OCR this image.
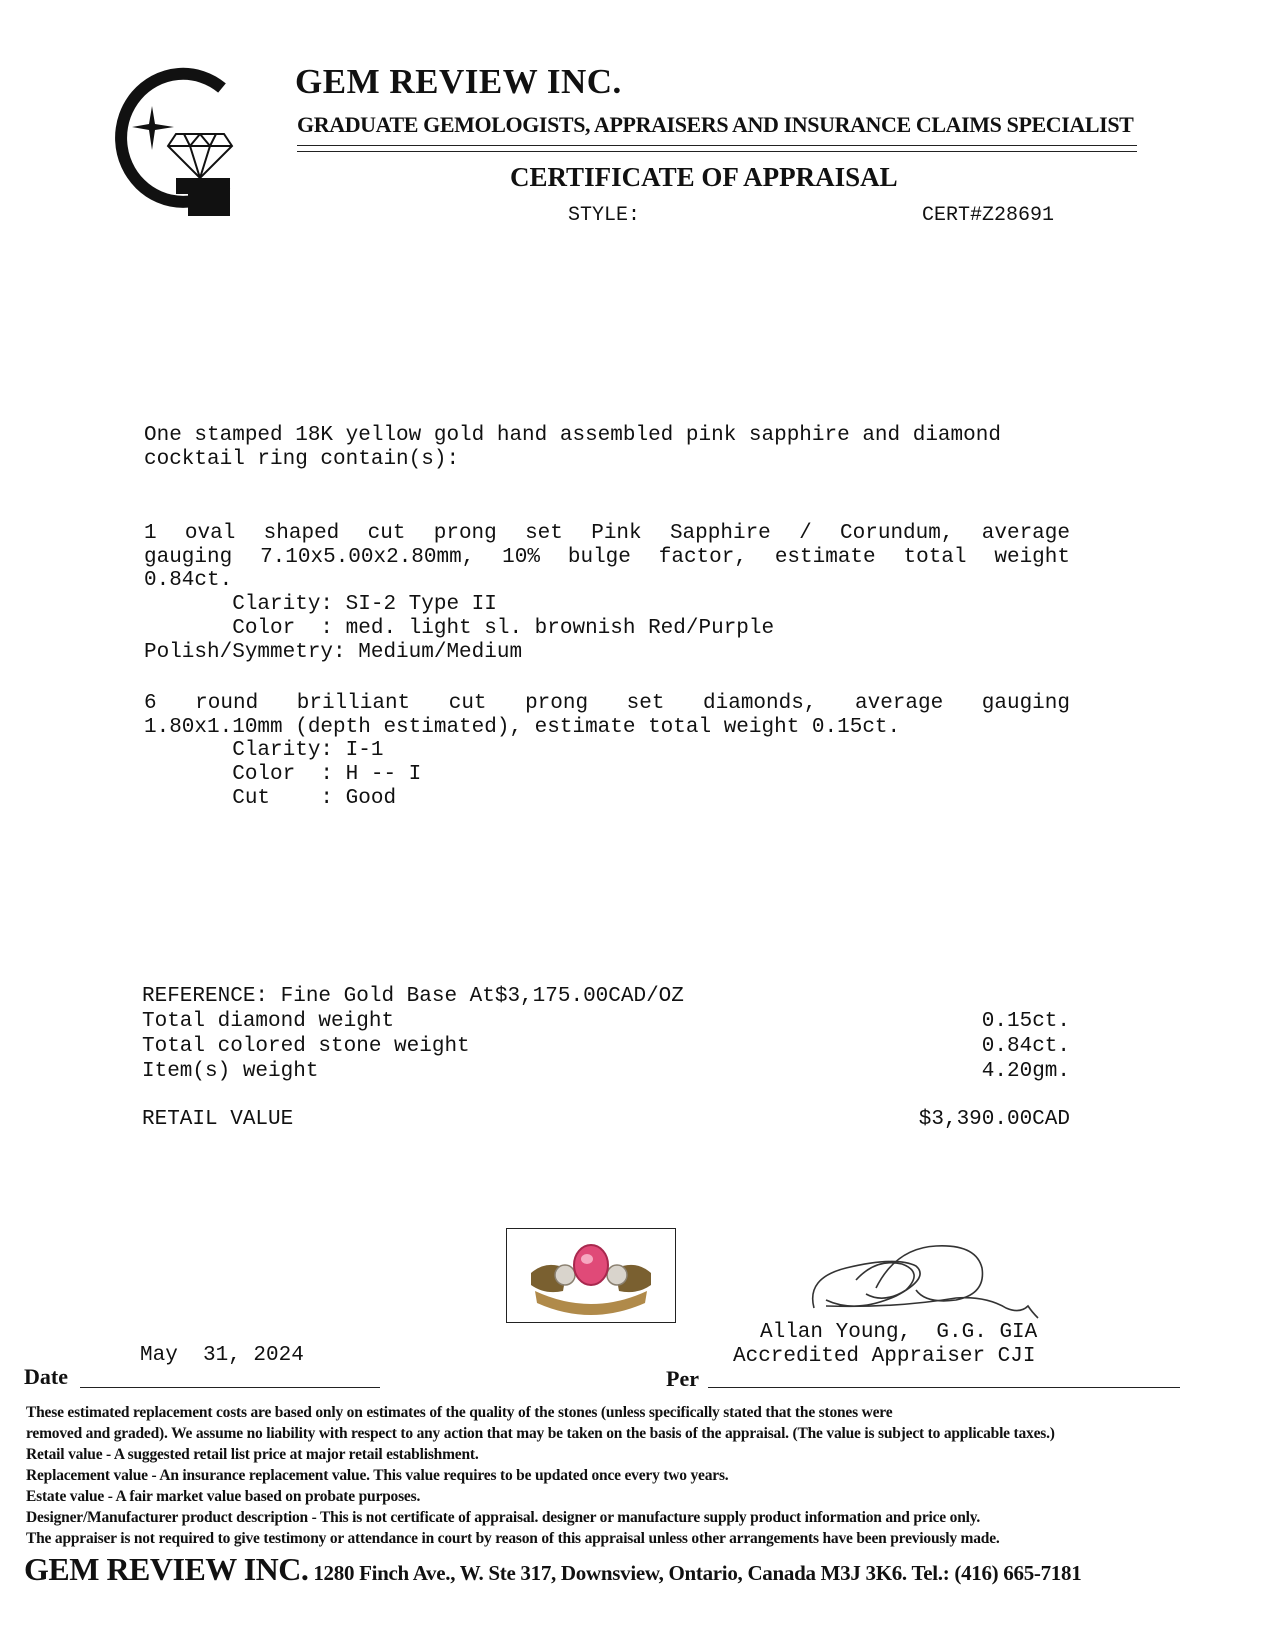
GEM REVIEW INC.
GRADUATE GEMOLOGISTS, APPRAISERS AND INSURANCE CLAIMS SPECIALIST
CERTIFICATE OF APPRAISAL
STYLE:	CERT#Z28691
One stamped 18K yellow gold hand assembled pink sapphire and diamond
cocktail ring contain(s):
1 oval shaped cut prong set Pink Sapphire / Corundum, average
gauging 7.10x5.00x2.80mm, 10% bulge factor, estimate total weight
0.84ct.
Clarity: SI-2 Type II
Color  : med. light sl. brownish Red/Purple
Polish/Symmetry: Medium/Medium
6 round brilliant cut prong set diamonds, average gauging
1.80x1.10mm (depth estimated), estimate total weight 0.15ct.
Clarity: I-1
Color  : H -- I
Cut    : Good
REFERENCE: Fine Gold Base At$3,175.00CAD/OZ
Total diamond weight	0.15ct.
Total colored stone weight	0.84ct.
Item(s) weight	4.20gm.
RETAIL VALUE	$3,390.00CAD
Allan Young,  G.G. GIA
Accredited Appraiser CJI
Date
May  31, 2024
Per
These estimated replacement costs are based only on estimates of the quality of the stones (unless specifically stated that the stones were
removed and graded). We assume no liability with respect to any action that may be taken on the basis of the appraisal. (The value is subject to applicable taxes.)
Retail value - A suggested retail list price at major retail establishment.
Replacement value - An insurance replacement value. This value requires to be updated once every two years.
Estate value - A fair market value based on probate purposes.
Designer/Manufacturer product description - This is not certificate of appraisal. designer or manufacture supply product information and price only.
The appraiser is not required to give testimony or attendance in court by reason of this appraisal unless other arrangements have been previously made.
GEM REVIEW INC. 1280 Finch Ave., W. Ste 317, Downsview, Ontario, Canada M3J 3K6. Tel.: (416) 665-7181
